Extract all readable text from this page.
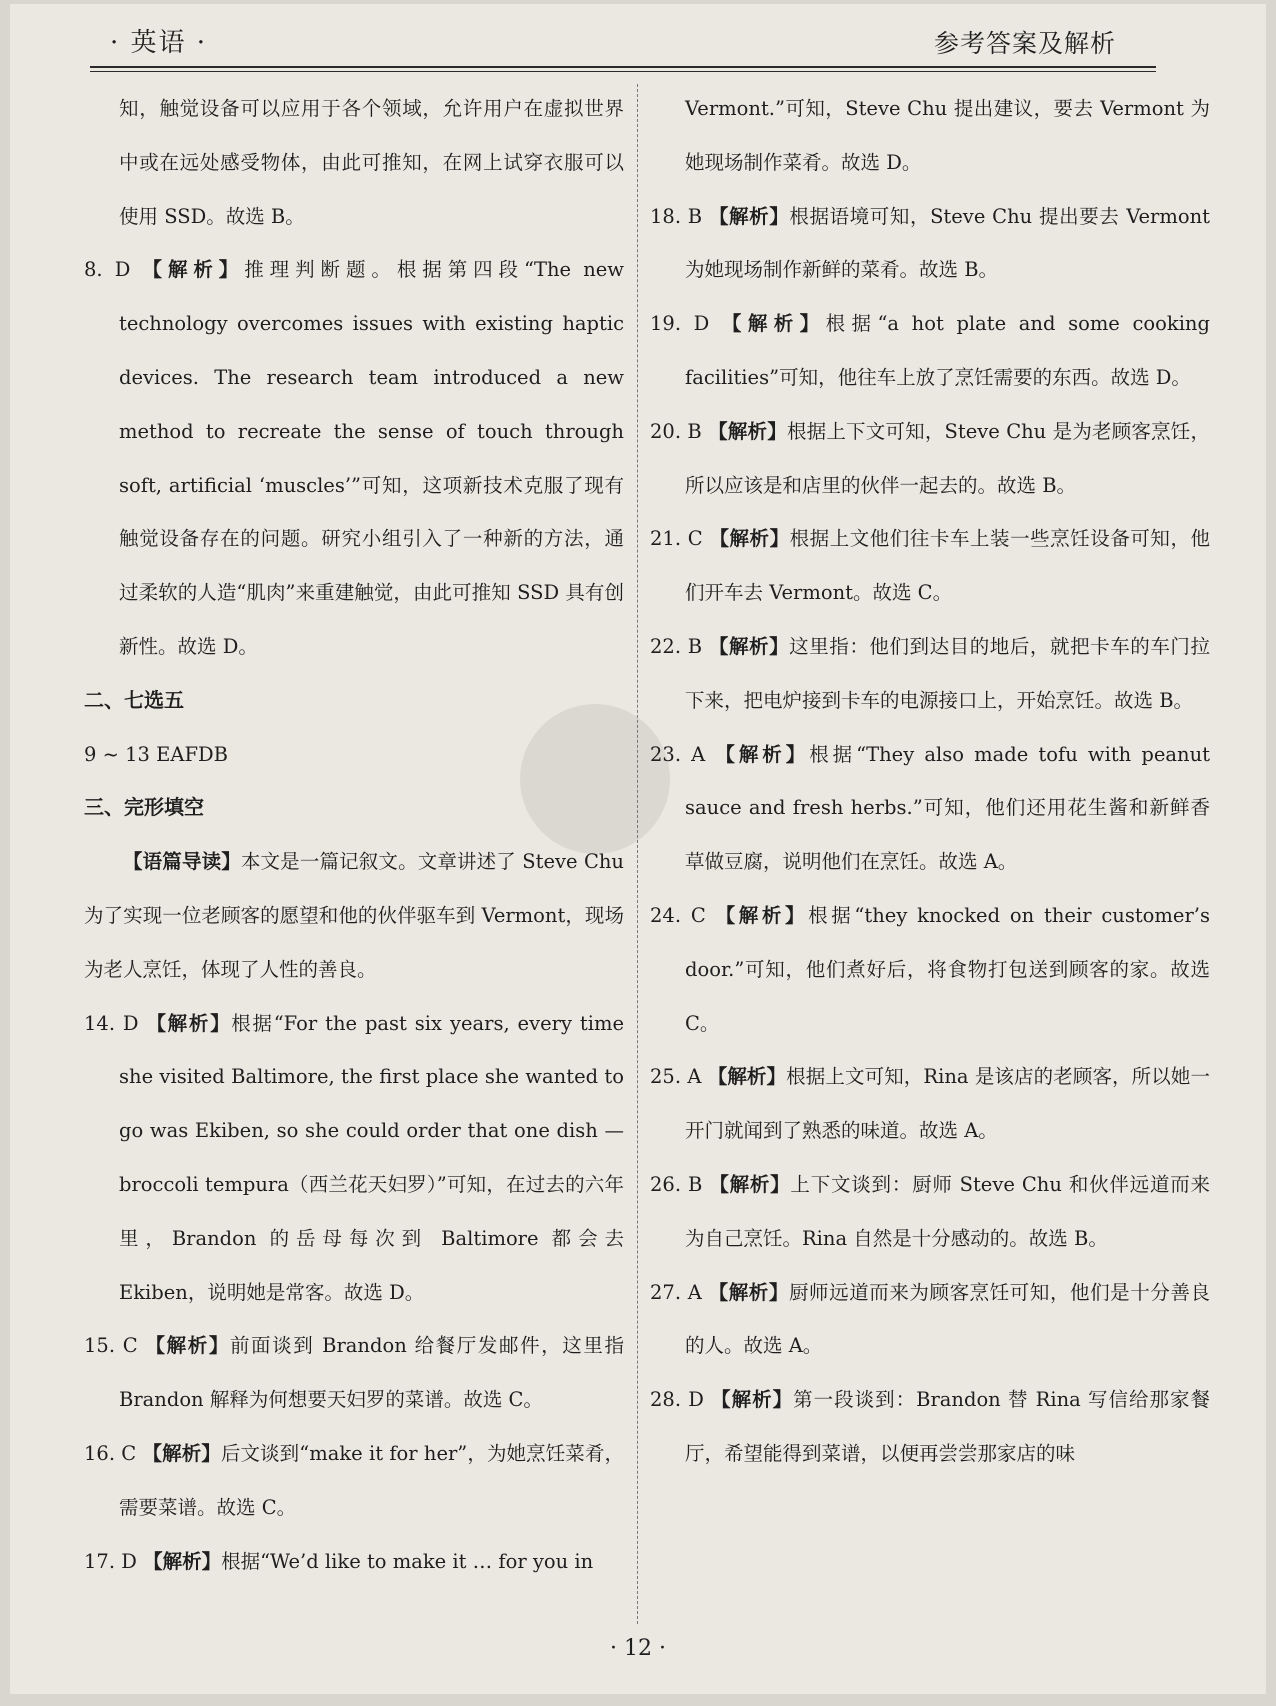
· 英语 ·	参考答案及解析
知，触觉设备可以应用于各个领域，允许用户在虚拟世界中或在远处感受物体，由此可推知，在网上试穿衣服可以使用 SSD。故选 B。
8. D 【解析】推理判断题。根据第四段“The new technology overcomes issues with existing haptic devices. The research team introduced a new method to recreate the sense of touch through soft, artificial ‘muscles’”可知，这项新技术克服了现有触觉设备存在的问题。研究小组引入了一种新的方法，通过柔软的人造“肌肉”来重建触觉，由此可推知 SSD 具有创新性。故选 D。
二、七选五
9 ~ 13 EAFDB
三、完形填空
【语篇导读】本文是一篇记叙文。文章讲述了 Steve Chu 为了实现一位老顾客的愿望和他的伙伴驱车到 Vermont，现场为老人烹饪，体现了人性的善良。
14. D 【解析】根据“For the past six years, every time she visited Baltimore, the first place she wanted to go was Ekiben, so she could order that one dish — broccoli tempura（西兰花天妇罗）”可知，在过去的六年里，Brandon 的岳母每次到 Baltimore 都会去 Ekiben，说明她是常客。故选 D。
15. C 【解析】前面谈到 Brandon 给餐厅发邮件，这里指 Brandon 解释为何想要天妇罗的菜谱。故选 C。
16. C 【解析】后文谈到“make it for her”，为她烹饪菜肴，需要菜谱。故选 C。
17. D 【解析】根据“We’d like to make it … for you in
Vermont.”可知，Steve Chu 提出建议，要去 Vermont 为她现场制作菜肴。故选 D。
18. B 【解析】根据语境可知，Steve Chu 提出要去 Vermont 为她现场制作新鲜的菜肴。故选 B。
19. D 【解析】根据“a hot plate and some cooking facilities”可知，他往车上放了烹饪需要的东西。故选 D。
20. B 【解析】根据上下文可知，Steve Chu 是为老顾客烹饪，所以应该是和店里的伙伴一起去的。故选 B。
21. C 【解析】根据上文他们往卡车上装一些烹饪设备可知，他们开车去 Vermont。故选 C。
22. B 【解析】这里指：他们到达目的地后，就把卡车的车门拉下来，把电炉接到卡车的电源接口上，开始烹饪。故选 B。
23. A 【解析】根据“They also made tofu with peanut sauce and fresh herbs.”可知，他们还用花生酱和新鲜香草做豆腐，说明他们在烹饪。故选 A。
24. C 【解析】根据“they knocked on their customer’s door.”可知，他们煮好后，将食物打包送到顾客的家。故选 C。
25. A 【解析】根据上文可知，Rina 是该店的老顾客，所以她一开门就闻到了熟悉的味道。故选 A。
26. B 【解析】上下文谈到：厨师 Steve Chu 和伙伴远道而来为自己烹饪。Rina 自然是十分感动的。故选 B。
27. A 【解析】厨师远道而来为顾客烹饪可知，他们是十分善良的人。故选 A。
28. D 【解析】第一段谈到：Brandon 替 Rina 写信给那家餐厅，希望能得到菜谱，以便再尝尝那家店的味
· 12 ·
